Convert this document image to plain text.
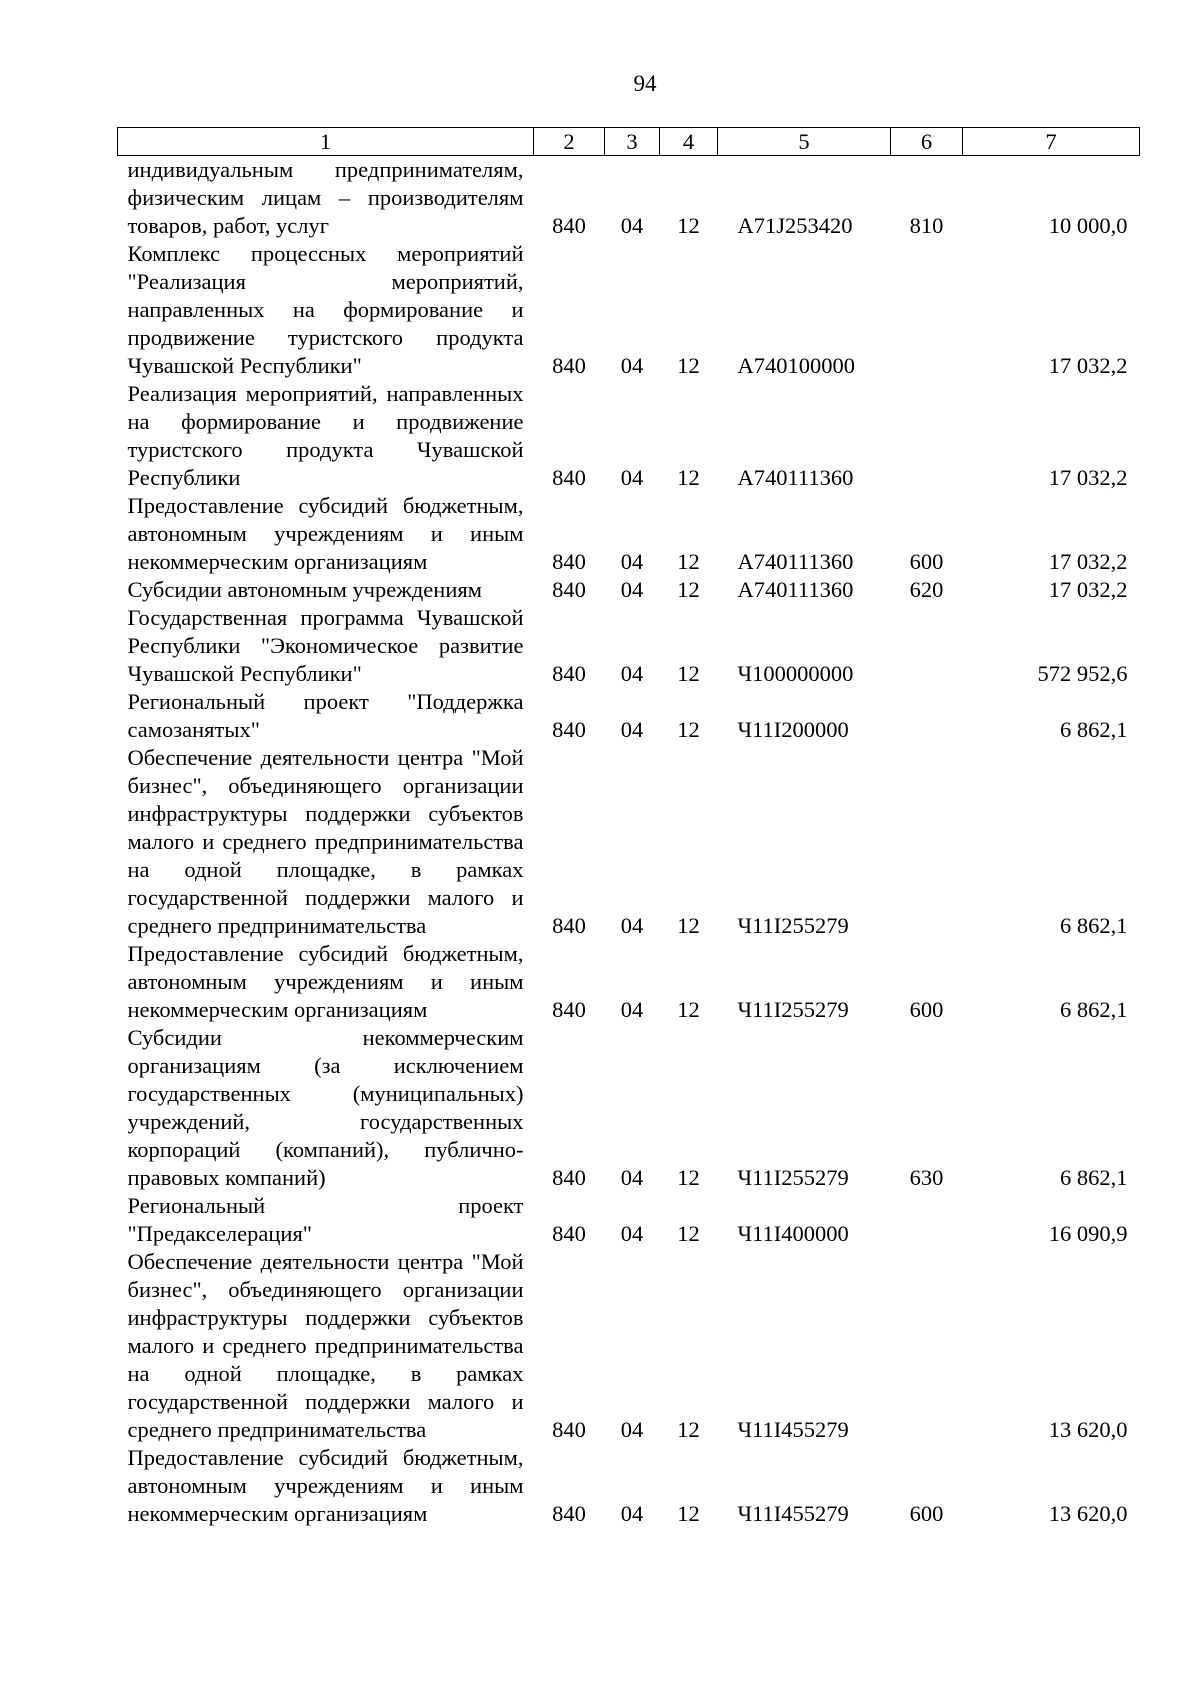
94
1	2	3	4	5	6	7
индивидуальным предпринимателям, физическим лицам – производителям товаров, работ, услуг	840	04	12	А71J253420	810	10 000,0
Комплекс процессных мероприятий "Реализация мероприятий, направленных на формирование и продвижение туристского продукта Чувашской Республики"	840	04	12	А740100000		17 032,2
Реализация мероприятий, направленных на формирование и продвижение туристского продукта Чувашской Республики	840	04	12	А740111360		17 032,2
Предоставление субсидий бюджетным, автономным учреждениям и иным некоммерческим организациям	840	04	12	А740111360	600	17 032,2
Субсидии автономным учреждениям	840	04	12	А740111360	620	17 032,2
Государственная программа Чувашской Республики "Экономическое развитие Чувашской Республики"	840	04	12	Ч100000000		572 952,6
Региональный проект "Поддержка самозанятых"	840	04	12	Ч11I200000		6 862,1
Обеспечение деятельности центра "Мой бизнес", объединяющего организации инфраструктуры поддержки субъектов малого и среднего предпринимательства на одной площадке, в рамках государственной поддержки малого и среднего предпринимательства	840	04	12	Ч11I255279		6 862,1
Предоставление субсидий бюджетным, автономным учреждениям и иным некоммерческим организациям	840	04	12	Ч11I255279	600	6 862,1
Субсидии некоммерческим организациям (за исключением государственных (муниципальных) учреждений, государственных корпораций (компаний), публично-правовых компаний)	840	04	12	Ч11I255279	630	6 862,1
Региональный проект "Предакселерация"	840	04	12	Ч11I400000		16 090,9
Обеспечение деятельности центра "Мой бизнес", объединяющего организации инфраструктуры поддержки субъектов малого и среднего предпринимательства на одной площадке, в рамках государственной поддержки малого и среднего предпринимательства	840	04	12	Ч11I455279		13 620,0
Предоставление субсидий бюджетным, автономным учреждениям и иным некоммерческим организациям	840	04	12	Ч11I455279	600	13 620,0
